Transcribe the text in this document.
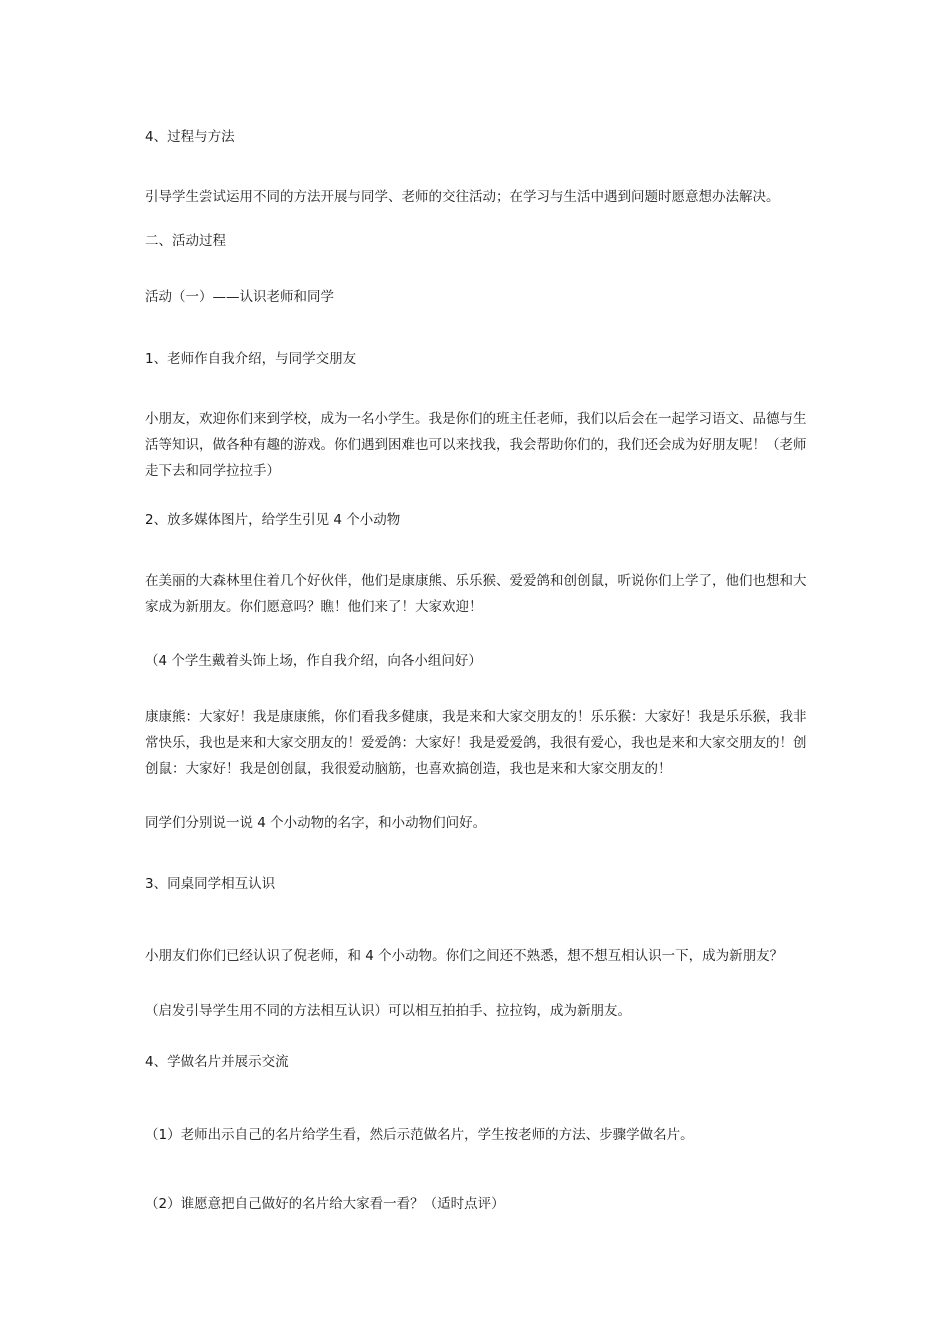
4、过程与方法

引导学生尝试运用不同的方法开展与同学、老师的交往活动；在学习与生活中遇到问题时愿意想办法解决。

二、活动过程

活动（一）——认识老师和同学

1、老师作自我介绍，与同学交朋友

小朋友，欢迎你们来到学校，成为一名小学生。我是你们的班主任老师，我们以后会在一起学习语文、品德与生活等知识，做各种有趣的游戏。你们遇到困难也可以来找我，我会帮助你们的，我们还会成为好朋友呢！（老师走下去和同学拉拉手）

2、放多媒体图片，给学生引见 4 个小动物

在美丽的大森林里住着几个好伙伴，他们是康康熊、乐乐猴、爱爱鸽和创创鼠，听说你们上学了，他们也想和大家成为新朋友。你们愿意吗？瞧！他们来了！大家欢迎！

（4 个学生戴着头饰上场，作自我介绍，向各小组问好）

康康熊：大家好！我是康康熊，你们看我多健康，我是来和大家交朋友的！乐乐猴：大家好！我是乐乐猴，我非常快乐，我也是来和大家交朋友的！爱爱鸽：大家好！我是爱爱鸽，我很有爱心，我也是来和大家交朋友的！创创鼠：大家好！我是创创鼠，我很爱动脑筋，也喜欢搞创造，我也是来和大家交朋友的！

同学们分别说一说 4 个小动物的名字，和小动物们问好。

3、同桌同学相互认识

小朋友们你们已经认识了倪老师，和 4 个小动物。你们之间还不熟悉，想不想互相认识一下，成为新朋友？

（启发引导学生用不同的方法相互认识）可以相互拍拍手、拉拉钩，成为新朋友。

4、学做名片并展示交流

（1）老师出示自己的名片给学生看，然后示范做名片，学生按老师的方法、步骤学做名片。

（2）谁愿意把自己做好的名片给大家看一看？（适时点评）
